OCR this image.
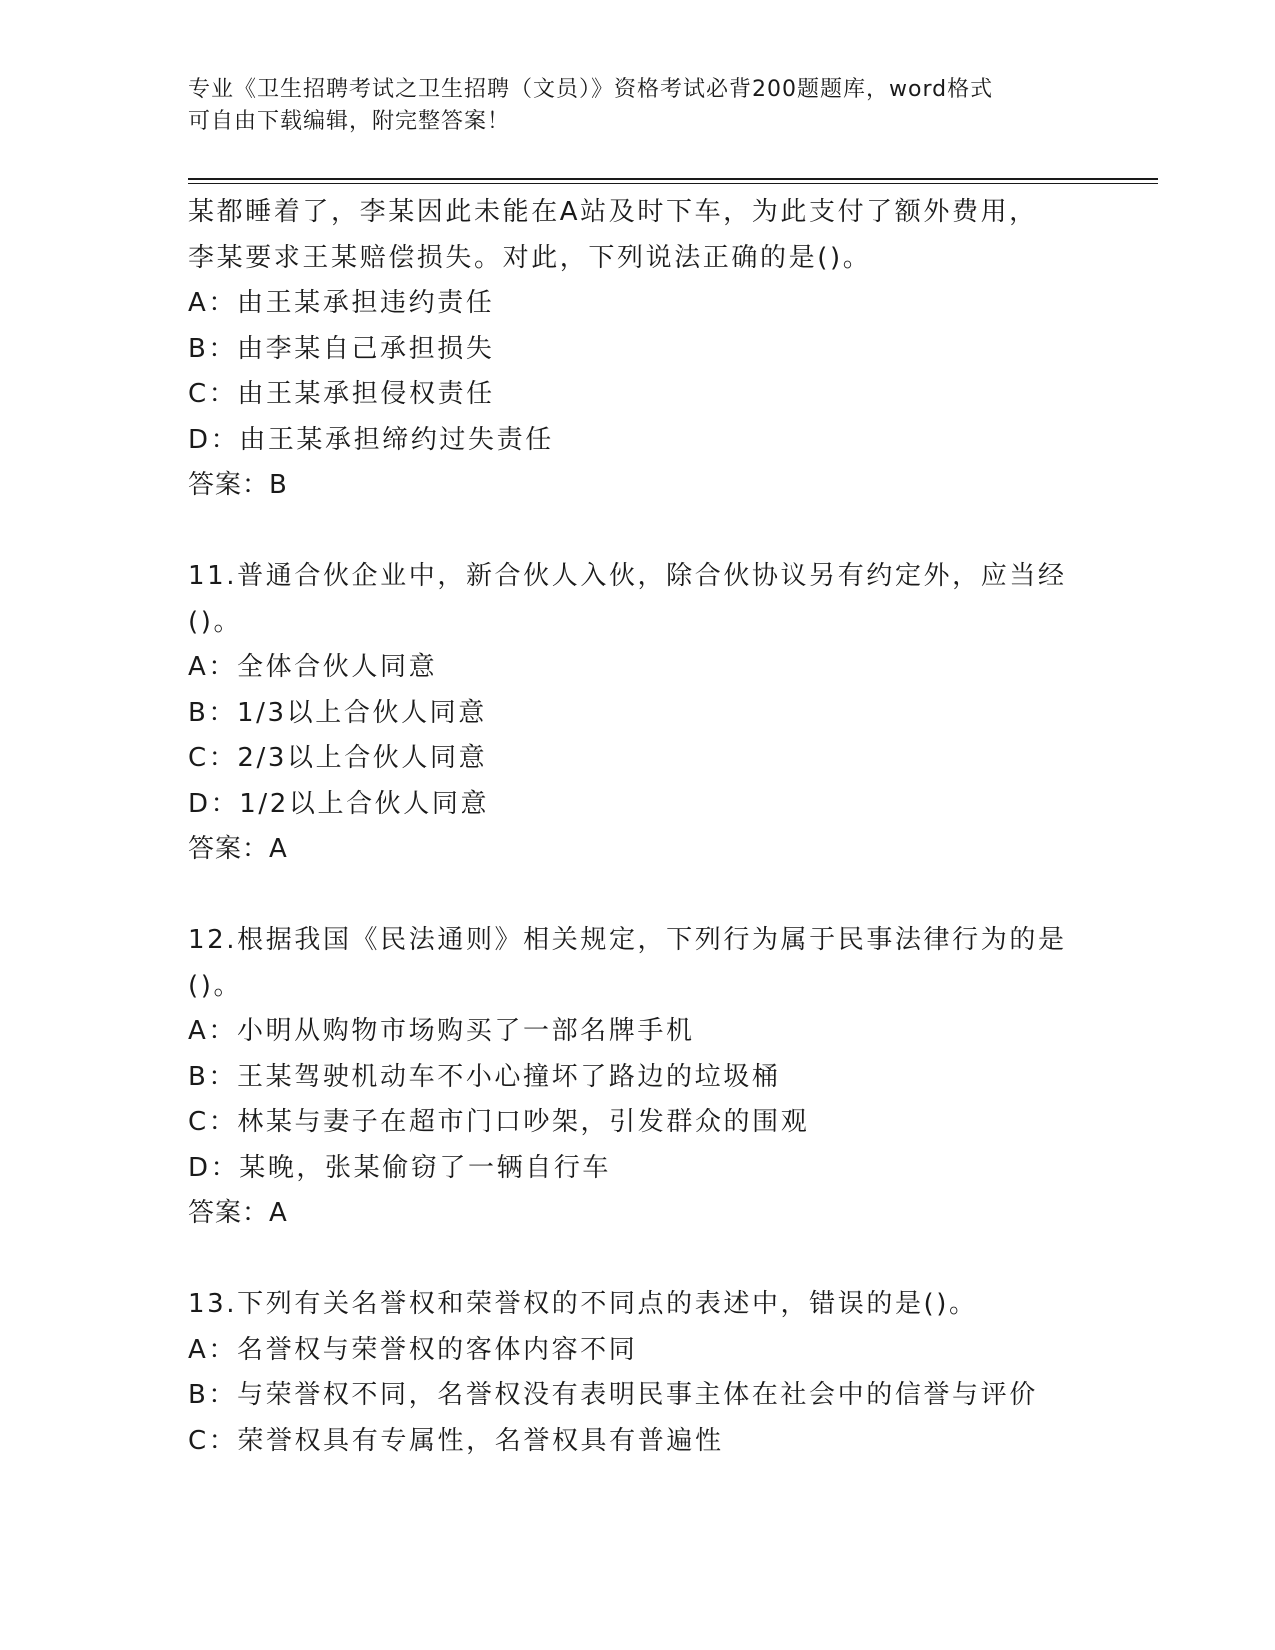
专业《卫生招聘考试之卫生招聘（文员）》资格考试必背200题题库，word格式
可自由下载编辑，附完整答案！
某都睡着了，李某因此未能在A站及时下车，为此支付了额外费用，
李某要求王某赔偿损失。对此，下列说法正确的是()。
A：由王某承担违约责任
B：由李某自己承担损失
C：由王某承担侵权责任
D：由王某承担缔约过失责任
答案：B
11.普通合伙企业中，新合伙人入伙，除合伙协议另有约定外，应当经
()。
A：全体合伙人同意
B：1/3以上合伙人同意
C：2/3以上合伙人同意
D：1/2以上合伙人同意
答案：A
12.根据我国《民法通则》相关规定，下列行为属于民事法律行为的是
()。
A：小明从购物市场购买了一部名牌手机
B：王某驾驶机动车不小心撞坏了路边的垃圾桶
C：林某与妻子在超市门口吵架，引发群众的围观
D：某晚，张某偷窃了一辆自行车
答案：A
13.下列有关名誉权和荣誉权的不同点的表述中，错误的是()。
A：名誉权与荣誉权的客体内容不同
B：与荣誉权不同，名誉权没有表明民事主体在社会中的信誉与评价
C：荣誉权具有专属性，名誉权具有普遍性
